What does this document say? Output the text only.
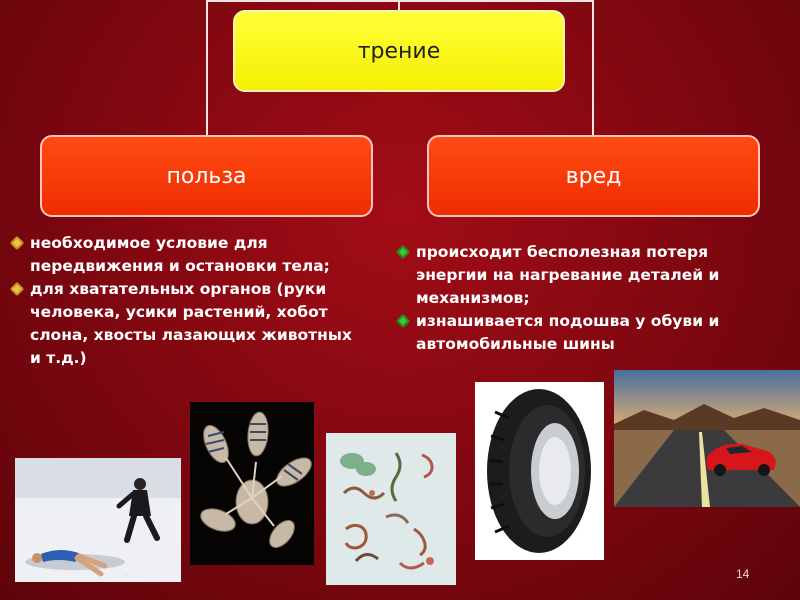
трение
польза	вред
необходимое условие для передвижения и остановки тела;
для хватательных органов (руки человека, усики растений, хобот слона, хвосты лазающих животных и т.д.)
происходит бесполезная потеря энергии на нагревание деталей и механизмов;
изнашивается подошва у обуви и автомобильные шины
·	14
